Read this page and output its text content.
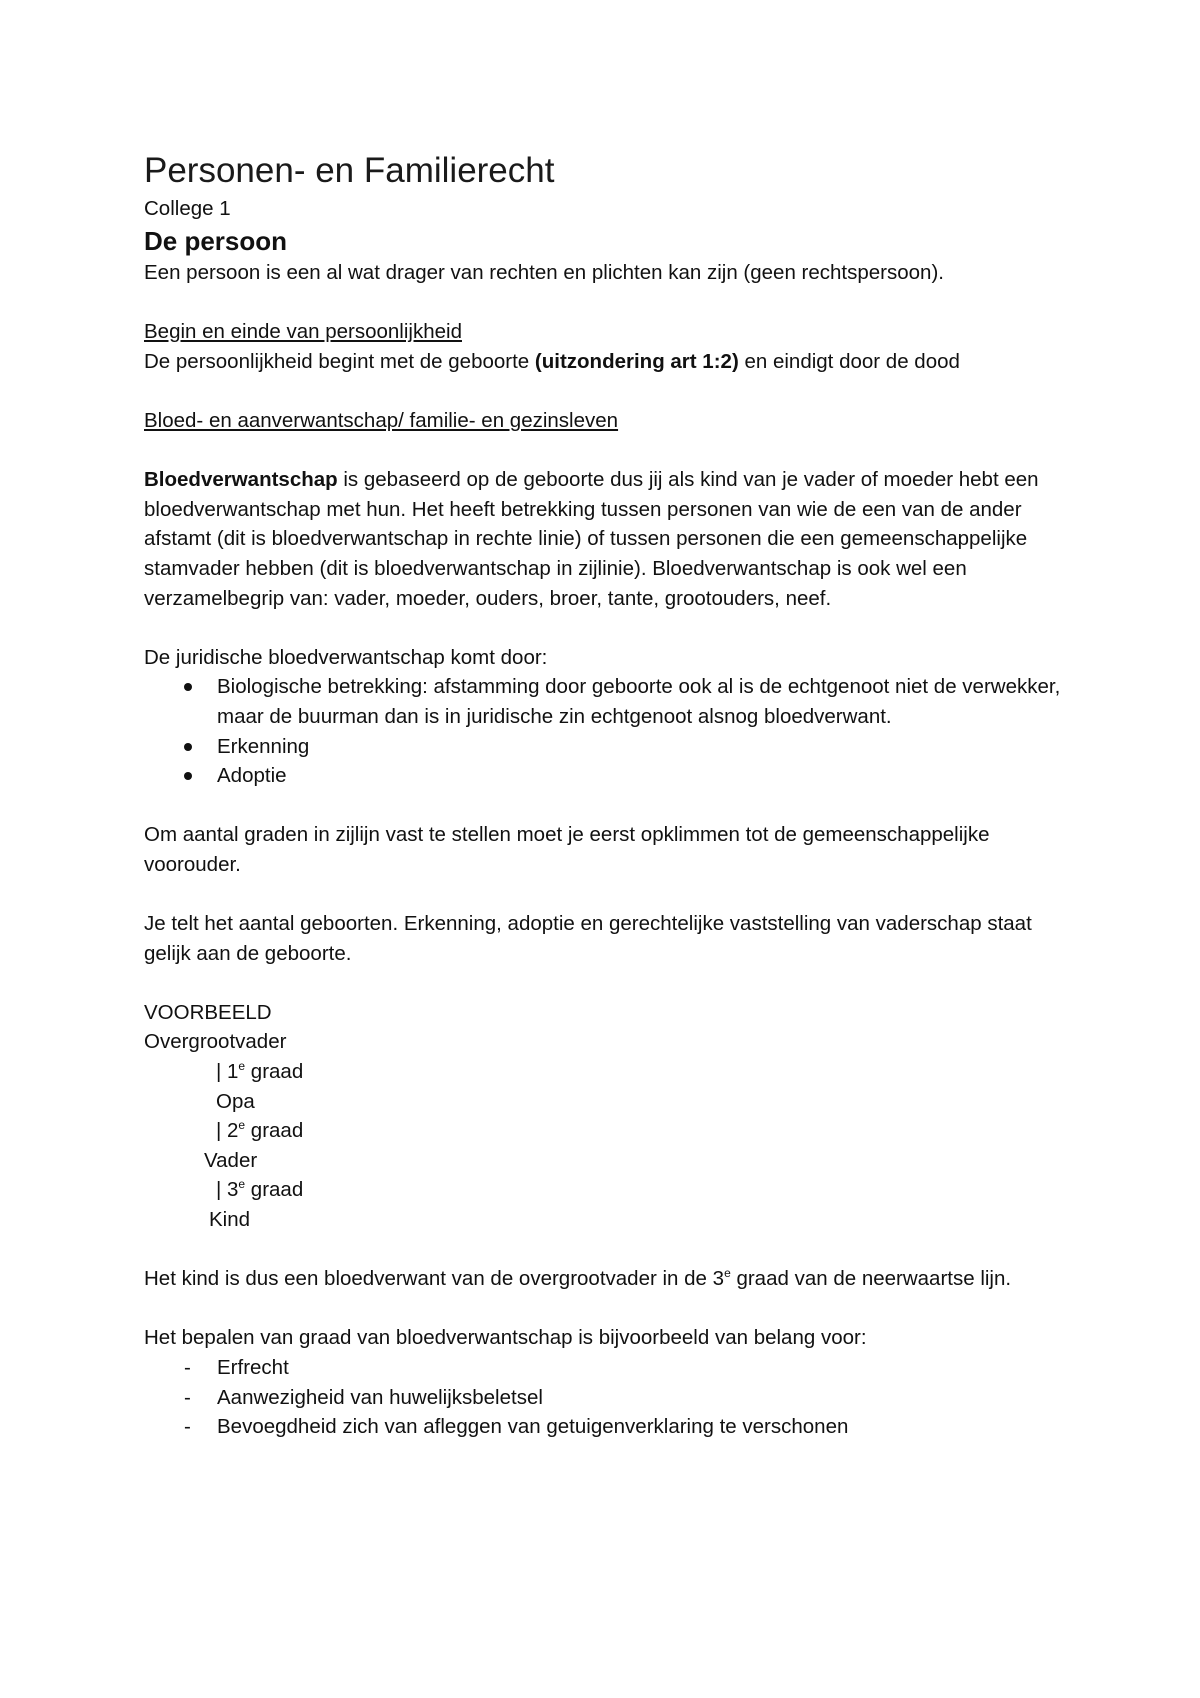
Personen- en Familierecht

College 1

De persoon

Een persoon is een al wat drager van rechten en plichten kan zijn (geen rechtspersoon).

Begin en einde van persoonlijkheid

De persoonlijkheid begint met de geboorte (uitzondering art 1:2) en eindigt door de dood

Bloed- en aanverwantschap/ familie- en gezinsleven

Bloedverwantschap is gebaseerd op de geboorte dus jij als kind van je vader of moeder hebt een bloedverwantschap met hun. Het heeft betrekking tussen personen van wie de een van de ander afstamt (dit is bloedverwantschap in rechte linie) of tussen personen die een gemeenschappelijke stamvader hebben (dit is bloedverwantschap in zijlinie). Bloedverwantschap is ook wel een verzamelbegrip van: vader, moeder, ouders, broer, tante, grootouders, neef.

De juridische bloedverwantschap komt door:

Biologische betrekking: afstamming door geboorte ook al is de echtgenoot niet de verwekker, maar de buurman dan is in juridische zin echtgenoot alsnog bloedverwant.
Erkenning
Adoptie

Om aantal graden in zijlijn vast te stellen moet je eerst opklimmen tot de gemeenschappelijke voorouder.

Je telt het aantal geboorten. Erkenning, adoptie en gerechtelijke vaststelling van vaderschap staat gelijk aan de geboorte.

VOORBEELD
Overgrootvader
| 1e graad
Opa
| 2e graad
Vader
| 3e graad
Kind

Het kind is dus een bloedverwant van de overgrootvader in de 3e graad van de neerwaartse lijn.

Het bepalen van graad van bloedverwantschap is bijvoorbeeld van belang voor:

- Erfrecht
- Aanwezigheid van huwelijksbeletsel
- Bevoegdheid zich van afleggen van getuigenverklaring te verschonen
